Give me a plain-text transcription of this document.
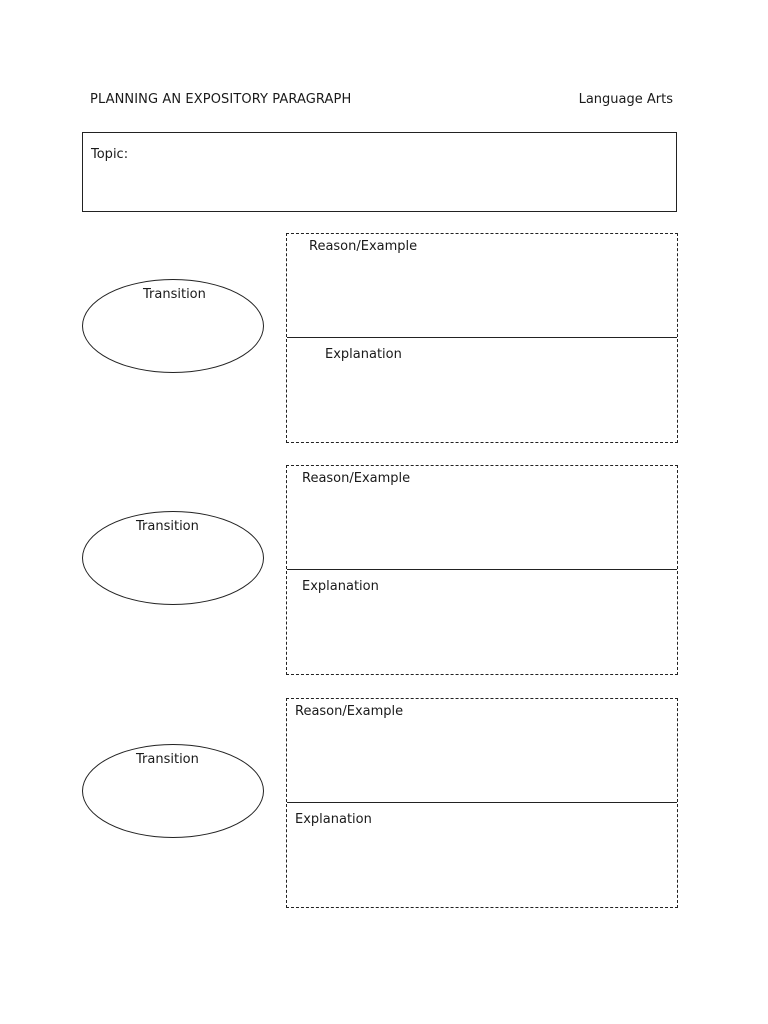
PLANNING AN EXPOSITORY PARAGRAPH	Language Arts
Topic:
Transition
Reason/Example
Explanation
Transition
Reason/Example
Explanation
Transition
Reason/Example
Explanation
